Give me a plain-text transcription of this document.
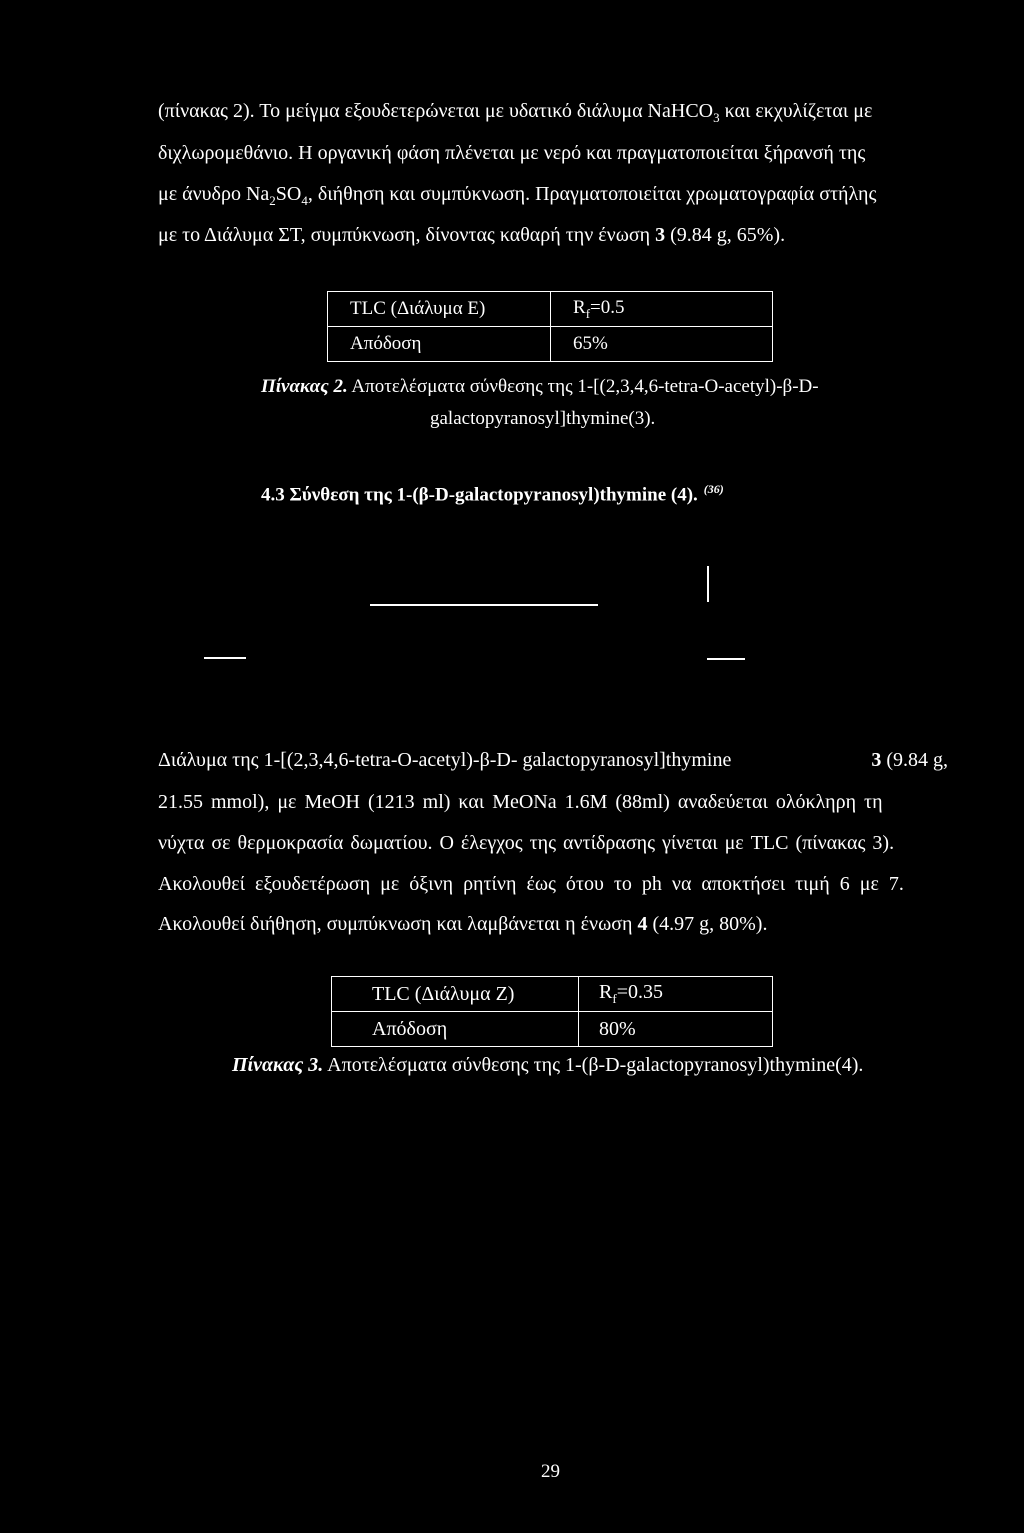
(πίνακας 2). Το μείγμα εξουδετερώνεται με υδατικό διάλυμα NaHCO$_3$ και εκχυλίζεται με
διχλωρομεθάνιο. Η οργανική φάση πλένεται με νερό και πραγματοποιείται ξήρανσή της
με άνυδρο $Na_2SO_4$, διήθηση και συμπύκνωση. Πραγματοποιείται χρωματογραφία στήλης
με το Διάλυμα ΣΤ, συμπύκνωση, δίνοντας καθαρή την ένωση 3 (9.84 g, 65%).
TLC (Διάλυμα Ε)	$R_f=0.5$
Απόδοση	65%
Πίνακας 2. Αποτελέσματα σύνθεσης της 1-[(2,3,4,6-tetra-O-acetyl)-β-D-
galactopyranosyl]thymine(3).
4.3 Σύνθεση της 1-(β-D-galactopyranosyl)thymine (4). $^{(36)}$
Διάλυμα της 1-[(2,3,4,6-tetra-O-acetyl)-β-D- galactopyranosyl]thymine	3 (9.84 g,
21.55 mmol), με MeOH (1213 ml) και MeONa 1.6M (88ml) αναδεύεται ολόκληρη τη
νύχτα σε θερμοκρασία δωματίου. Ο έλεγχος της αντίδρασης γίνεται με TLC (πίνακας 3).
Ακολουθεί εξουδετέρωση με όξινη ρητίνη έως ότου το ph να αποκτήσει τιμή 6 με 7.
Ακολουθεί διήθηση, συμπύκνωση και λαμβάνεται η ένωση 4 (4.97 g, 80%).
TLC (Διάλυμα Ζ)	$R_f=0.35$
Απόδοση	80%
Πίνακας 3. Αποτελέσματα σύνθεσης της 1-(β-D-galactopyranosyl)thymine(4).
29
